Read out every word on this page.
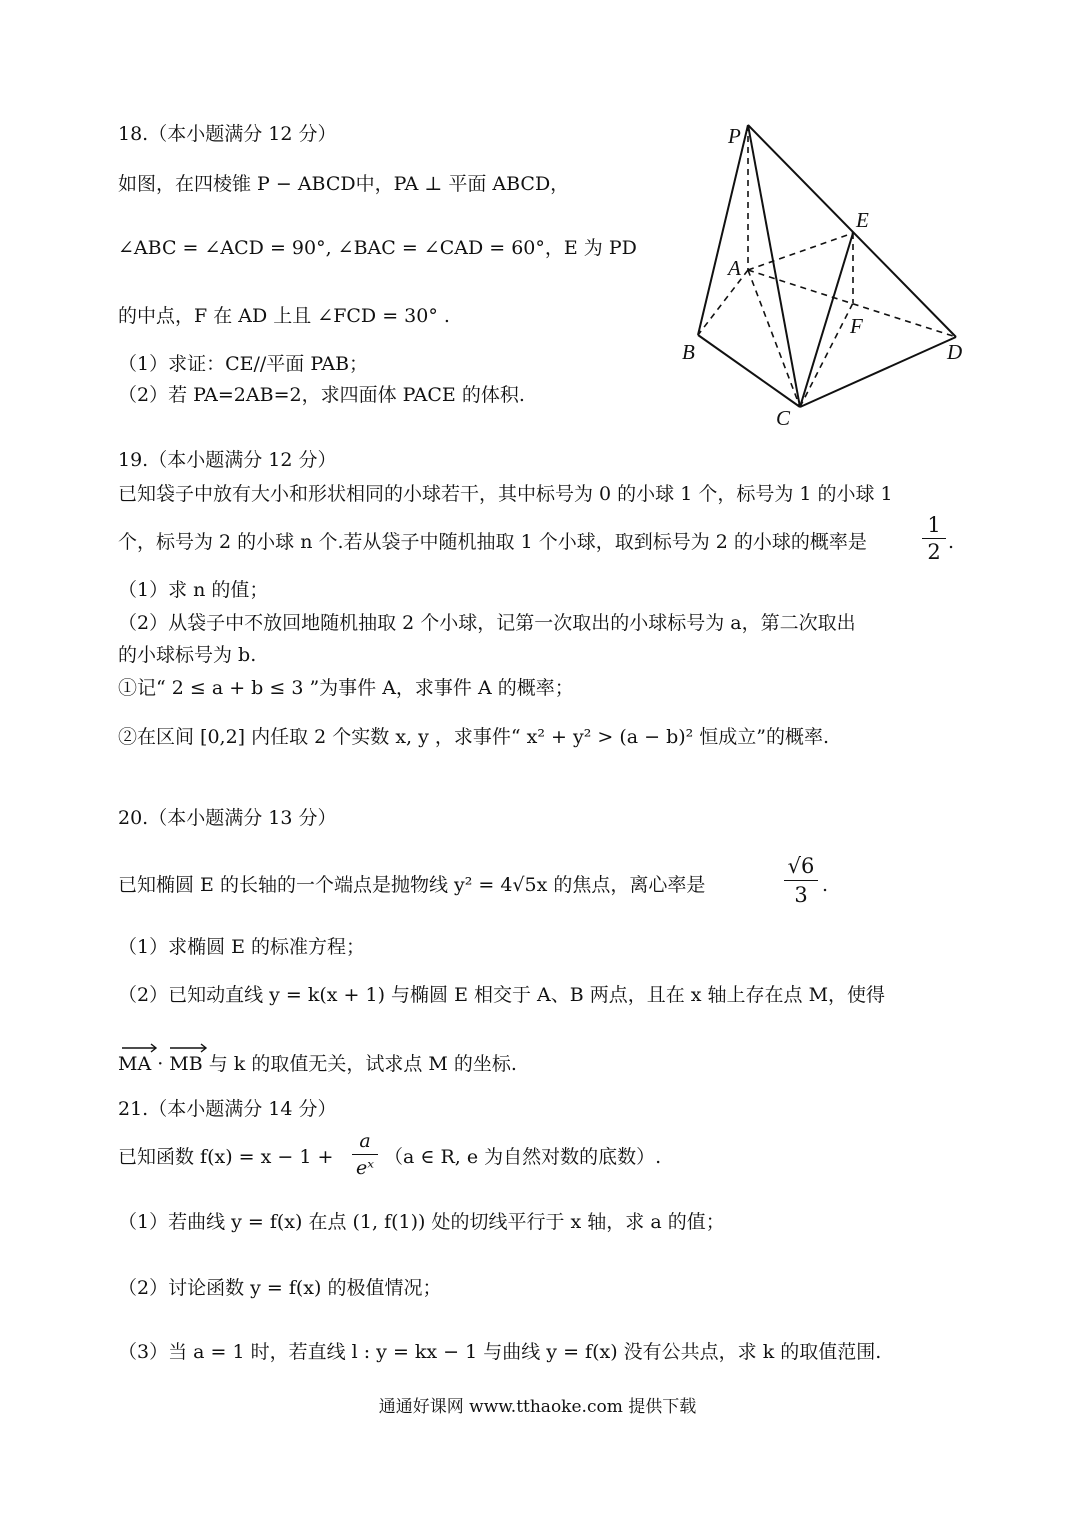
18.（本小题满分 12 分）
如图，在四棱锥 P − ABCD中，PA ⊥ 平面 ABCD，
∠ABC = ∠ACD = 90°, ∠BAC = ∠CAD = 60°，E 为 PD
的中点，F 在 AD 上且 ∠FCD = 30° .
（1）求证：CE//平面 PAB；
（2）若 PA=2AB=2，求四面体 PACE 的体积.
P
A
B
C
D
E
F
19.（本小题满分 12 分）
已知袋子中放有大小和形状相同的小球若干，其中标号为 0 的小球 1 个，标号为 1 的小球 1
个，标号为 2 的小球 n 个.若从袋子中随机抽取 1 个小球，取到标号为 2 的小球的概率是	$\frac{1}{2}$ .
（1）求 n 的值；
（2）从袋子中不放回地随机抽取 2 个小球，记第一次取出的小球标号为 a，第二次取出
的小球标号为 b.
①记“ 2 ≤ a + b ≤ 3 ”为事件 A，求事件 A 的概率；
②在区间 [0,2] 内任取 2 个实数 x, y ，求事件“ x² + y² > (a − b)² 恒成立”的概率.
20.（本小题满分 13 分）
已知椭圆 E 的长轴的一个端点是抛物线 y² = 4√5x 的焦点，离心率是	$\frac{√6}{3}$ .
（1）求椭圆 E 的标准方程；
（2）已知动直线 y = k(x + 1) 与椭圆 E 相交于 A、B 两点，且在 x 轴上存在点 M，使得
MA · MB 与 k 的取值无关，试求点 M 的坐标.
21.（本小题满分 14 分）
已知函数 $f(x) = x - 1 + \frac{a}{\text{eˣ}} (a$ ∈ R, e 为自然对数的底数）.
（1）若曲线 y = f(x) 在点 (1, f(1)) 处的切线平行于 x 轴，求 a 的值；
（2）讨论函数 y = f(x) 的极值情况；
（3）当 a = 1 时，若直线 l : y = kx − 1 与曲线 y = f(x) 没有公共点，求 k 的取值范围.
通通好课网 www.tthaoke.com 提供下载
